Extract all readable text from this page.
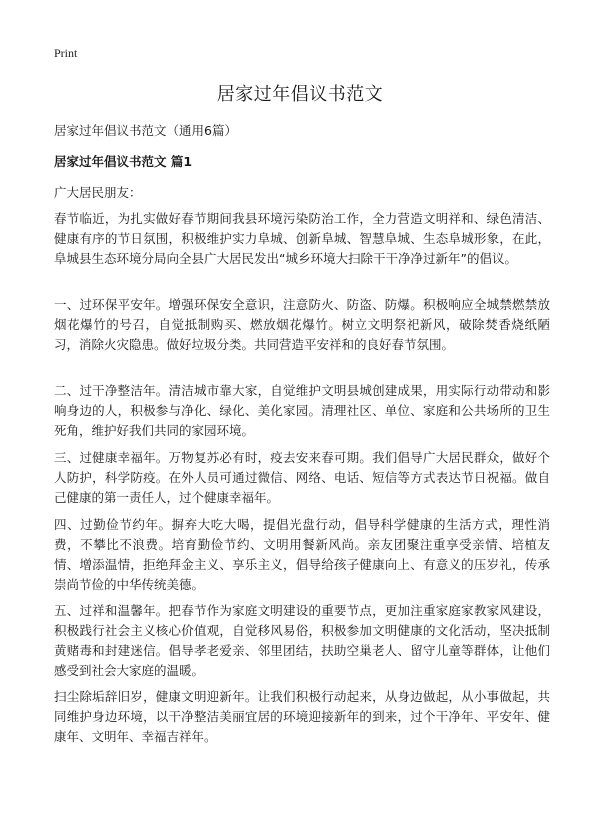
Print
居家过年倡议书范文

居家过年倡议书范文（通用6篇）

居家过年倡议书范文 篇1

广大居民朋友：

春节临近，为扎实做好春节期间我县环境污染防治工作，全力营造文明祥和、绿色清洁、健康有序的节日氛围，积极维护实力阜城、创新阜城、智慧阜城、生态阜城形象，在此，阜城县生态环境分局向全县广大居民发出“城乡环境大扫除干干净净过新年”的倡议。

一、过环保平安年。增强环保安全意识，注意防火、防盗、防爆。积极响应全城禁燃禁放烟花爆竹的号召，自觉抵制购买、燃放烟花爆竹。树立文明祭祀新风，破除焚香烧纸陋习，消除火灾隐患。做好垃圾分类。共同营造平安祥和的良好春节氛围。

二、过干净整洁年。清洁城市靠大家，自觉维护文明县城创建成果，用实际行动带动和影响身边的人，积极参与净化、绿化、美化家园。清理社区、单位、家庭和公共场所的卫生死角，维护好我们共同的家园环境。

三、过健康幸福年。万物复苏必有时，疫去安来春可期。我们倡导广大居民群众，做好个人防护，科学防疫。在外人员可通过微信、网络、电话、短信等方式表达节日祝福。做自己健康的第一责任人，过个健康幸福年。

四、过勤俭节约年。摒弃大吃大喝，提倡光盘行动，倡导科学健康的生活方式，理性消费，不攀比不浪费。培育勤俭节约、文明用餐新风尚。亲友团聚注重享受亲情、培植友情、增添温情，拒绝拜金主义、享乐主义，倡导给孩子健康向上、有意义的压岁礼，传承崇尚节俭的中华传统美德。

五、过祥和温馨年。把春节作为家庭文明建设的重要节点，更加注重家庭家教家风建设，积极践行社会主义核心价值观，自觉移风易俗，积极参加文明健康的文化活动，坚决抵制黄赌毒和封建迷信。倡导孝老爱亲、邻里团结，扶助空巢老人、留守儿童等群体，让他们感受到社会大家庭的温暖。

扫尘除垢辞旧岁，健康文明迎新年。让我们积极行动起来，从身边做起，从小事做起，共同维护身边环境，以干净整洁美丽宜居的环境迎接新年的到来，过个干净年、平安年、健康年、文明年、幸福吉祥年。
